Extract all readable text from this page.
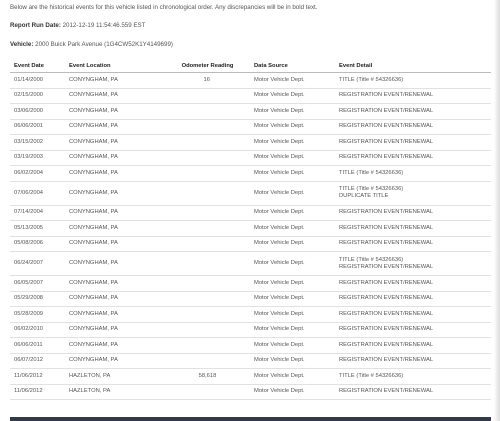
Below are the historical events for this vehicle listed in chronological order. Any discrepancies will be in bold text.

Report Run Date: 2012-12-19 11:54:46.559 EST

Vehicle: 2000 Buick Park Avenue (1G4CW52K1Y4149699)

Event Date	Event Location	Odometer Reading	Data Source	Event Detail
01/14/2000	CONYNGHAM, PA	16	Motor Vehicle Dept.	TITLE (Title # 54326636)

02/15/2000	CONYNGHAM, PA		Motor Vehicle Dept.	REGISTRATION EVENT/RENEWAL

03/06/2000	CONYNGHAM, PA		Motor Vehicle Dept.	REGISTRATION EVENT/RENEWAL

06/06/2001	CONYNGHAM, PA		Motor Vehicle Dept.	REGISTRATION EVENT/RENEWAL

03/15/2002	CONYNGHAM, PA		Motor Vehicle Dept.	REGISTRATION EVENT/RENEWAL

03/19/2003	CONYNGHAM, PA		Motor Vehicle Dept.	REGISTRATION EVENT/RENEWAL

06/02/2004	CONYNGHAM, PA		Motor Vehicle Dept.	TITLE (Title # 54326636)

07/06/2004	CONYNGHAM, PA		Motor Vehicle Dept.	TITLE (Title # 54326636)
DUPLICATE TITLE

07/14/2004	CONYNGHAM, PA		Motor Vehicle Dept.	REGISTRATION EVENT/RENEWAL

05/13/2005	CONYNGHAM, PA		Motor Vehicle Dept.	REGISTRATION EVENT/RENEWAL

05/08/2006	CONYNGHAM, PA		Motor Vehicle Dept.	REGISTRATION EVENT/RENEWAL

06/24/2007	CONYNGHAM, PA		Motor Vehicle Dept.	TITLE (Title # 54326636)
REGISTRATION EVENT/RENEWAL

06/05/2007	CONYNGHAM, PA		Motor Vehicle Dept.	REGISTRATION EVENT/RENEWAL

05/29/2008	CONYNGHAM, PA		Motor Vehicle Dept.	REGISTRATION EVENT/RENEWAL

05/28/2009	CONYNGHAM, PA		Motor Vehicle Dept.	REGISTRATION EVENT/RENEWAL

06/02/2010	CONYNGHAM, PA		Motor Vehicle Dept.	REGISTRATION EVENT/RENEWAL

06/06/2011	CONYNGHAM, PA		Motor Vehicle Dept.	REGISTRATION EVENT/RENEWAL

06/07/2012	CONYNGHAM, PA		Motor Vehicle Dept.	REGISTRATION EVENT/RENEWAL

11/06/2012	HAZLETON, PA	58,618	Motor Vehicle Dept.	TITLE (Title # 54326636)

11/06/2012	HAZLETON, PA		Motor Vehicle Dept.	REGISTRATION EVENT/RENEWAL
